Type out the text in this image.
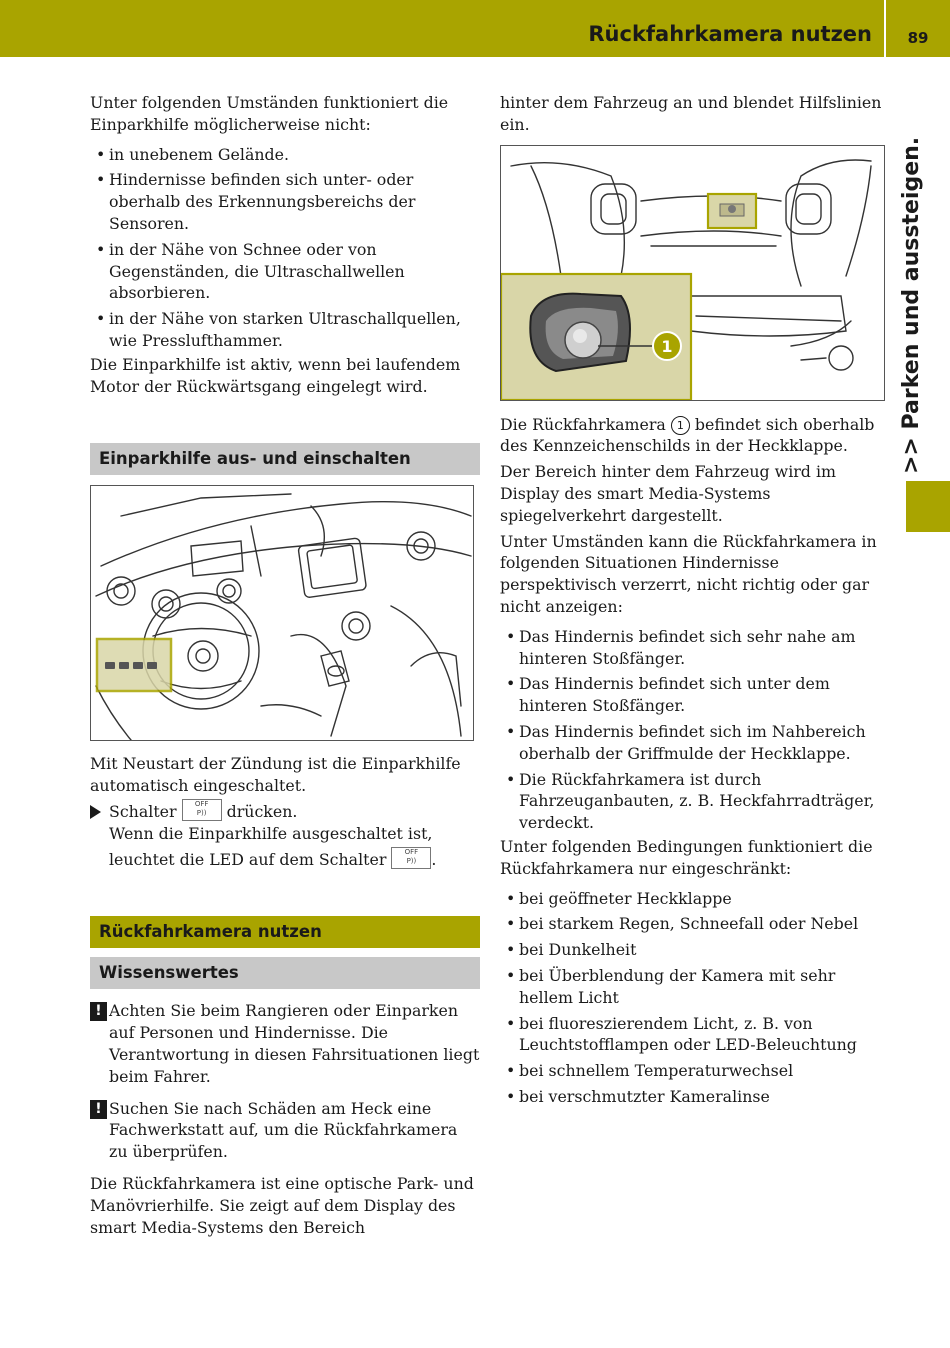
Rückfahrkamera nutzen	89
>> Parken und aussteigen.

Unter folgenden Umständen funktioniert die Einparkhilfe möglicherweise nicht:

• in unebenem Gelände.
• Hindernisse befinden sich unter- oder oberhalb des Erkennungsbereichs der Sensoren.
• in der Nähe von Schnee oder von Gegenständen, die Ultraschallwellen absorbieren.
• in der Nähe von starken Ultraschallquellen, wie Presslufthammer.

Die Einparkhilfe ist aktiv, wenn bei laufendem Motor der Rückwärtsgang eingelegt wird.

Einparkhilfe aus- und einschalten

Mit Neustart der Zündung ist die Einparkhilfe automatisch eingeschaltet.

Schalter	OFF
P)) drücken.
Wenn die Einparkhilfe ausgeschaltet ist,
leuchtet die LED auf dem Schalter	OFF
P)) .
Rückfahrkamera nutzen
Wissenswertes
! Achten Sie beim Rangieren oder Einparken auf Personen und Hindernisse. Die Verantwortung in diesen Fahrsituationen liegt beim Fahrer.
! Suchen Sie nach Schäden am Heck eine Fachwerkstatt auf, um die Rückfahrkamera zu überprüfen.

Die Rückfahrkamera ist eine optische Park- und Manövrierhilfe. Sie zeigt auf dem Display des smart Media-Systems den Bereich

hinter dem Fahrzeug an und blendet Hilfslinien ein.

1

Die Rückfahrkamera 1 befindet sich oberhalb des Kennzeichenschilds in der Heckklappe.

Der Bereich hinter dem Fahrzeug wird im Display des smart Media-Systems spiegelverkehrt dargestellt.

Unter Umständen kann die Rückfahrkamera in folgenden Situationen Hindernisse perspektivisch verzerrt, nicht richtig oder gar nicht anzeigen:

• Das Hindernis befindet sich sehr nahe am hinteren Stoßfänger.
• Das Hindernis befindet sich unter dem hinteren Stoßfänger.
• Das Hindernis befindet sich im Nahbereich oberhalb der Griffmulde der Heckklappe.
• Die Rückfahrkamera ist durch Fahrzeuganbauten, z. B. Heckfahrradträger, verdeckt.

Unter folgenden Bedingungen funktioniert die Rückfahrkamera nur eingeschränkt:

• bei geöffneter Heckklappe
• bei starkem Regen, Schneefall oder Nebel
• bei Dunkelheit
• bei Überblendung der Kamera mit sehr hellem Licht
• bei fluoreszierendem Licht, z. B. von Leuchtstofflampen oder LED-Beleuchtung
• bei schnellem Temperaturwechsel
• bei verschmutzter Kameralinse
